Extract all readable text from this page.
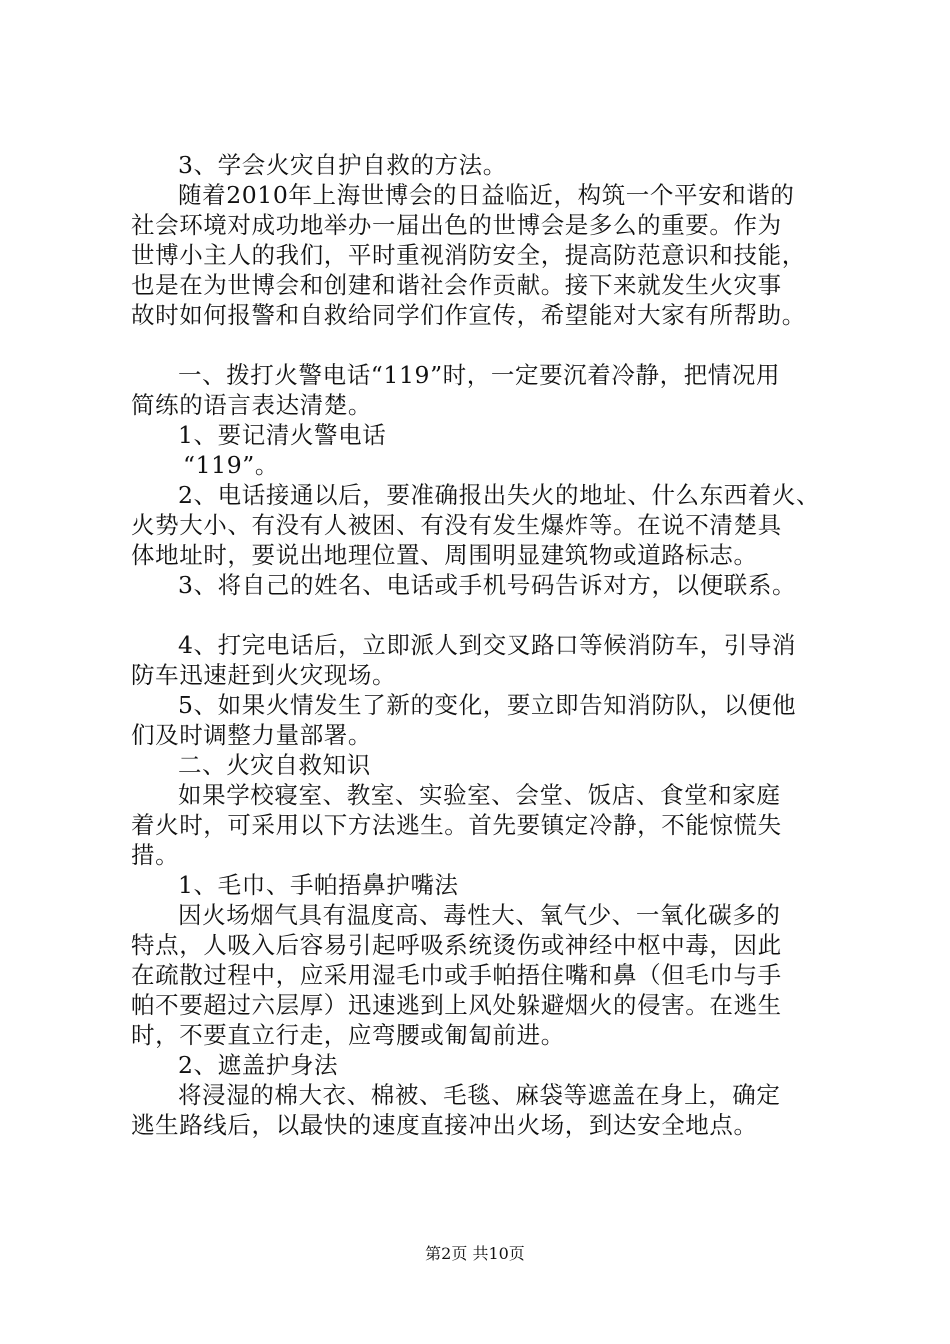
3、学会火灾自护自救的方法。
随着2010年上海世博会的日益临近，构筑一个平安和谐的
社会环境对成功地举办一届出色的世博会是多么的重要。作为
世博小主人的我们，平时重视消防安全，提高防范意识和技能，
也是在为世博会和创建和谐社会作贡献。接下来就发生火灾事
故时如何报警和自救给同学们作宣传，希望能对大家有所帮助。
一、拨打火警电话“119”时，一定要沉着冷静，把情况用
简练的语言表达清楚。
1、要记清火警电话
“119”。
2、电话接通以后，要准确报出失火的地址、什么东西着火、
火势大小、有没有人被困、有没有发生爆炸等。在说不清楚具
体地址时，要说出地理位置、周围明显建筑物或道路标志。
3、将自己的姓名、电话或手机号码告诉对方，以便联系。
4、打完电话后，立即派人到交叉路口等候消防车，引导消
防车迅速赶到火灾现场。
5、如果火情发生了新的变化，要立即告知消防队，以便他
们及时调整力量部署。
二、火灾自救知识
如果学校寝室、教室、实验室、会堂、饭店、食堂和家庭
着火时，可采用以下方法逃生。首先要镇定冷静，不能惊慌失
措。
1、毛巾、手帕捂鼻护嘴法
因火场烟气具有温度高、毒性大、氧气少、一氧化碳多的
特点，人吸入后容易引起呼吸系统烫伤或神经中枢中毒，因此
在疏散过程中，应采用湿毛巾或手帕捂住嘴和鼻（但毛巾与手
帕不要超过六层厚）迅速逃到上风处躲避烟火的侵害。在逃生
时，不要直立行走，应弯腰或匍匐前进。
2、遮盖护身法
将浸湿的棉大衣、棉被、毛毯、麻袋等遮盖在身上，确定
逃生路线后，以最快的速度直接冲出火场，到达安全地点。
第2页 共10页
